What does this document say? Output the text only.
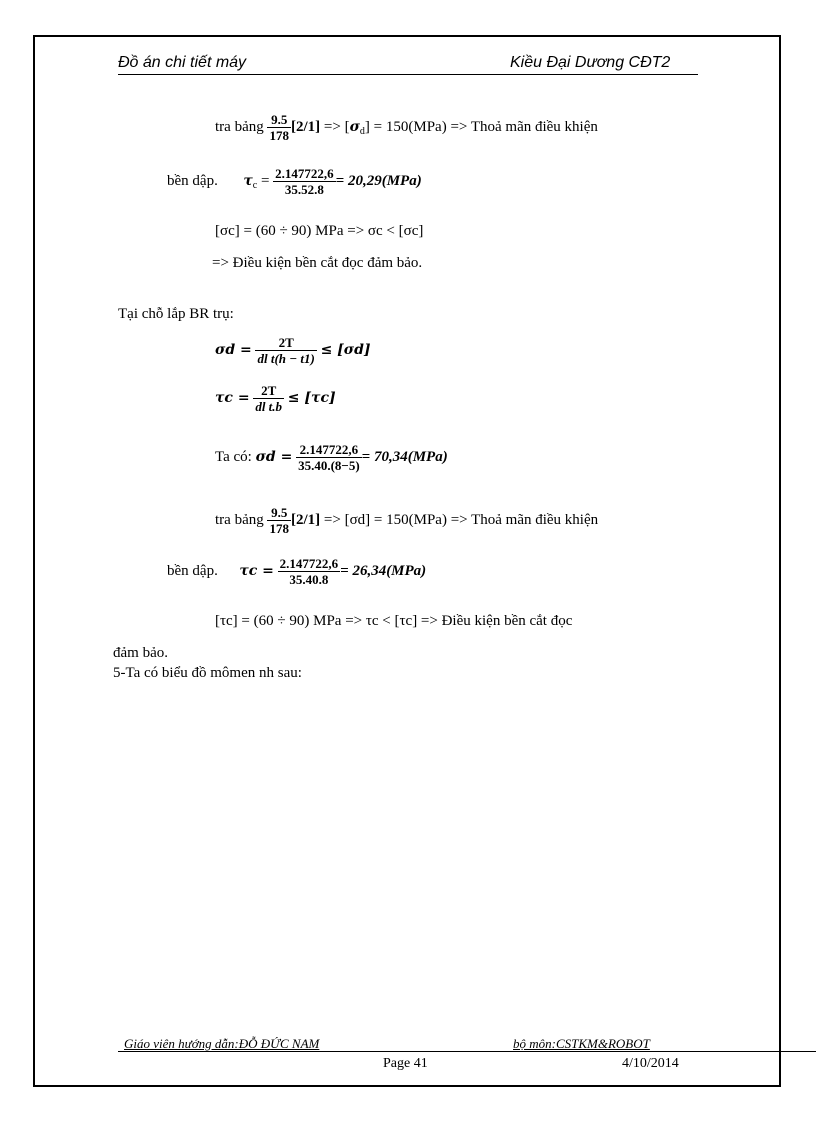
Đồ án chi tiết máy	Kiều Đại Dương CĐT2
tra bảng $\frac{9.5}{178} [2/1] => [\sigma_d] = 150(MPa)$ => Thoả mãn điều khiện
bền dập. $\tau_c = \frac{2.147722,6}{35.52.8} = 20,29(MPa)$
[σc] = (60 ÷ 90) MPa => σc < [σc]
=> Điều kiện bền cắt đọc đảm bảo.
Tại chỗ lắp BR trụ:
$\sigma d = \frac{2T}{\text{dl t(h − t1)}} \le [\sigma d]$
$\tau c = \frac{2T}{\text{dl t.b}} \le [\tau c]$
Ta có: $\sigma d = \frac{2.147722,6}{35.40.(8-5)} = 70,34(MPa)$
tra bảng $\frac{9.5}{178} [2/1] => [\sigma d] = 150(MPa)$ => Thoả mãn điều khiện
bền dập. $\tau c = \frac{2.147722,6}{35.40.8} = 26,34(MPa)$
[τc] = (60 ÷ 90) MPa => τc < [τc] => Điều kiện bền cắt đọc
đảm bảo.
5-Ta có biểu đồ mômen nh sau:
Giáo viên hướng dẫn:ĐỖ ĐỨC NAM	bộ môn:CSTKM&ROBOT
Page 41	4/10/2014
